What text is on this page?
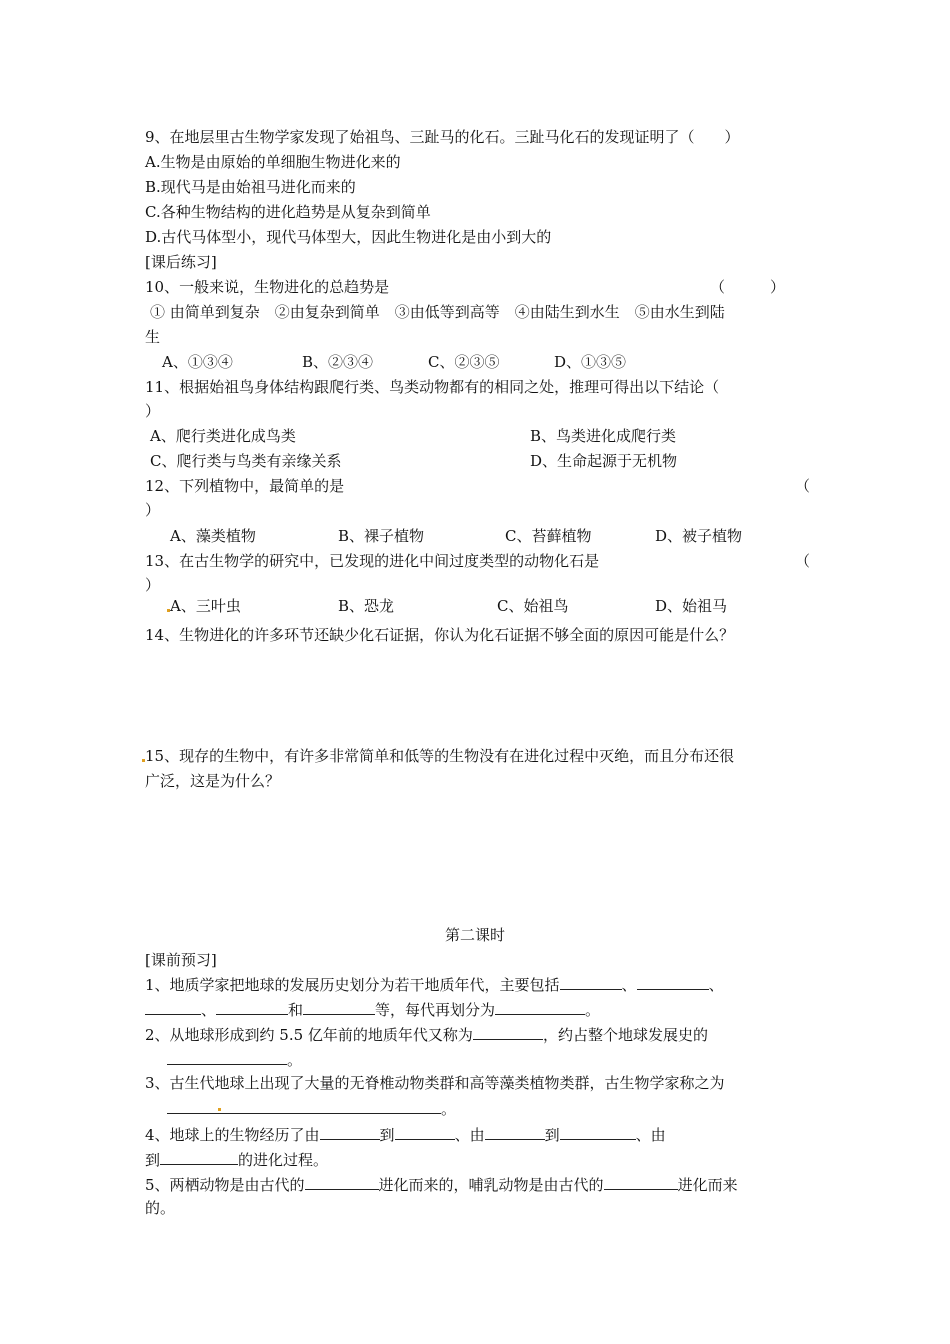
9、在地层里古生物学家发现了始祖鸟、三趾马的化石。三趾马化石的发现证明了（　　）
A.生物是由原始的单细胞生物进化来的
B.现代马是由始祖马进化而来的
C.各种生物结构的进化趋势是从复杂到简单
D.古代马体型小，现代马体型大，因此生物进化是由小到大的
[课后练习]
10、一般来说，生物进化的总趋势是	（　　　）
① 由简单到复杂　②由复杂到简单　③由低等到高等　④由陆生到水生　⑤由水生到陆
生
A、①③④	B、②③④	C、②③⑤	D、①③⑤
11、根据始祖鸟身体结构跟爬行类、鸟类动物都有的相同之处，推理可得出以下结论（
）
A、爬行类进化成鸟类	B、鸟类进化成爬行类
C、爬行类与鸟类有亲缘关系	D、生命起源于无机物
12、下列植物中，最简单的是	（
）
A、藻类植物	B、裸子植物	C、苔藓植物	D、被子植物
13、在古生物学的研究中，已发现的进化中间过度类型的动物化石是	（
）
A、三叶虫	B、恐龙	C、始祖鸟	D、始祖马
14、生物进化的许多环节还缺少化石证据，你认为化石证据不够全面的原因可能是什么？
15、现存的生物中，有许多非常简单和低等的生物没有在进化过程中灭绝，而且分布还很
广泛，这是为什么？
第二课时
[课前预习]
1、地质学家把地球的发展历史划分为若干地质年代，主要包括	、	、
、	和	等，每代再划分为	。
2、从地球形成到约 5.5 亿年前的地质年代又称为	，约占整个地球发展史的
。
3、古生代地球上出现了大量的无脊椎动物类群和高等藻类植物类群，古生物学家称之为
。
4、地球上的生物经历了由	到	、由	到	、由
到	的进化过程。
5、两栖动物是由古代的	进化而来的，哺乳动物是由古代的	进化而来
的。
